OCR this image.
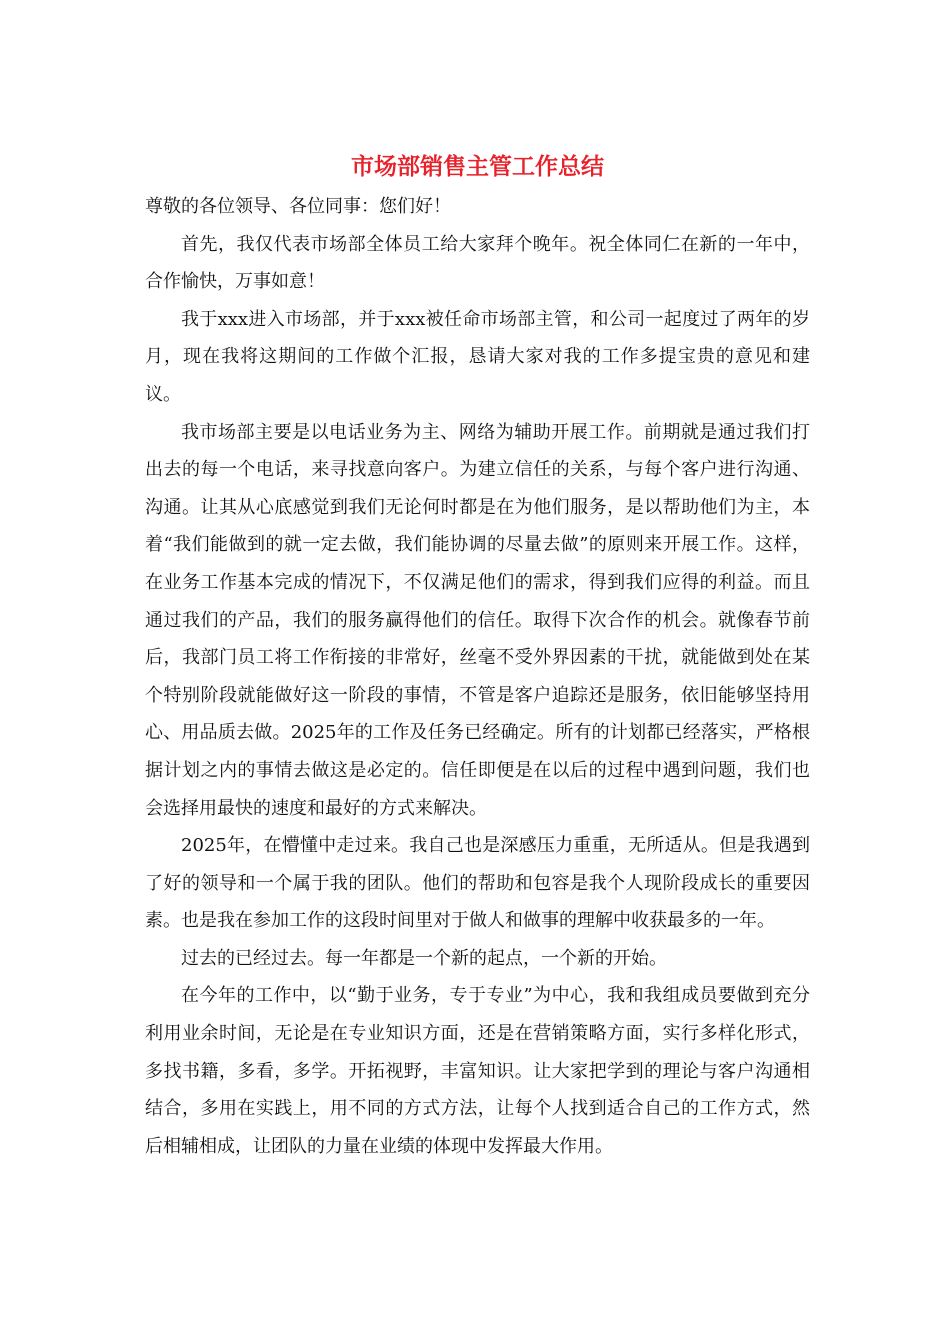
市场部销售主管工作总结

尊敬的各位领导、各位同事：您们好！

首先，我仅代表市场部全体员工给大家拜个晚年。祝全体同仁在新的一年中，合作愉快，万事如意！

我于xxx进入市场部，并于xxx被任命市场部主管，和公司一起度过了两年的岁月，现在我将这期间的工作做个汇报，恳请大家对我的工作多提宝贵的意见和建议。

我市场部主要是以电话业务为主、网络为辅助开展工作。前期就是通过我们打出去的每一个电话，来寻找意向客户。为建立信任的关系，与每个客户进行沟通、沟通。让其从心底感觉到我们无论何时都是在为他们服务，是以帮助他们为主，本着“我们能做到的就一定去做，我们能协调的尽量去做”的原则来开展工作。这样，在业务工作基本完成的情况下，不仅满足他们的需求，得到我们应得的利益。而且通过我们的产品，我们的服务赢得他们的信任。取得下次合作的机会。就像春节前后，我部门员工将工作衔接的非常好，丝毫不受外界因素的干扰，就能做到处在某个特别阶段就能做好这一阶段的事情，不管是客户追踪还是服务，依旧能够坚持用心、用品质去做。2025年的工作及任务已经确定。所有的计划都已经落实，严格根据计划之内的事情去做这是必定的。信任即便是在以后的过程中遇到问题，我们也会选择用最快的速度和最好的方式来解决。

2025年，在懵懂中走过来。我自己也是深感压力重重，无所适从。但是我遇到了好的领导和一个属于我的团队。他们的帮助和包容是我个人现阶段成长的重要因素。也是我在参加工作的这段时间里对于做人和做事的理解中收获最多的一年。

过去的已经过去。每一年都是一个新的起点，一个新的开始。

在今年的工作中，以“勤于业务，专于专业”为中心，我和我组成员要做到充分利用业余时间，无论是在专业知识方面，还是在营销策略方面，实行多样化形式，多找书籍，多看，多学。开拓视野，丰富知识。让大家把学到的理论与客户沟通相结合，多用在实践上，用不同的方式方法，让每个人找到适合自己的工作方式，然后相辅相成，让团队的力量在业绩的体现中发挥最大作用。
